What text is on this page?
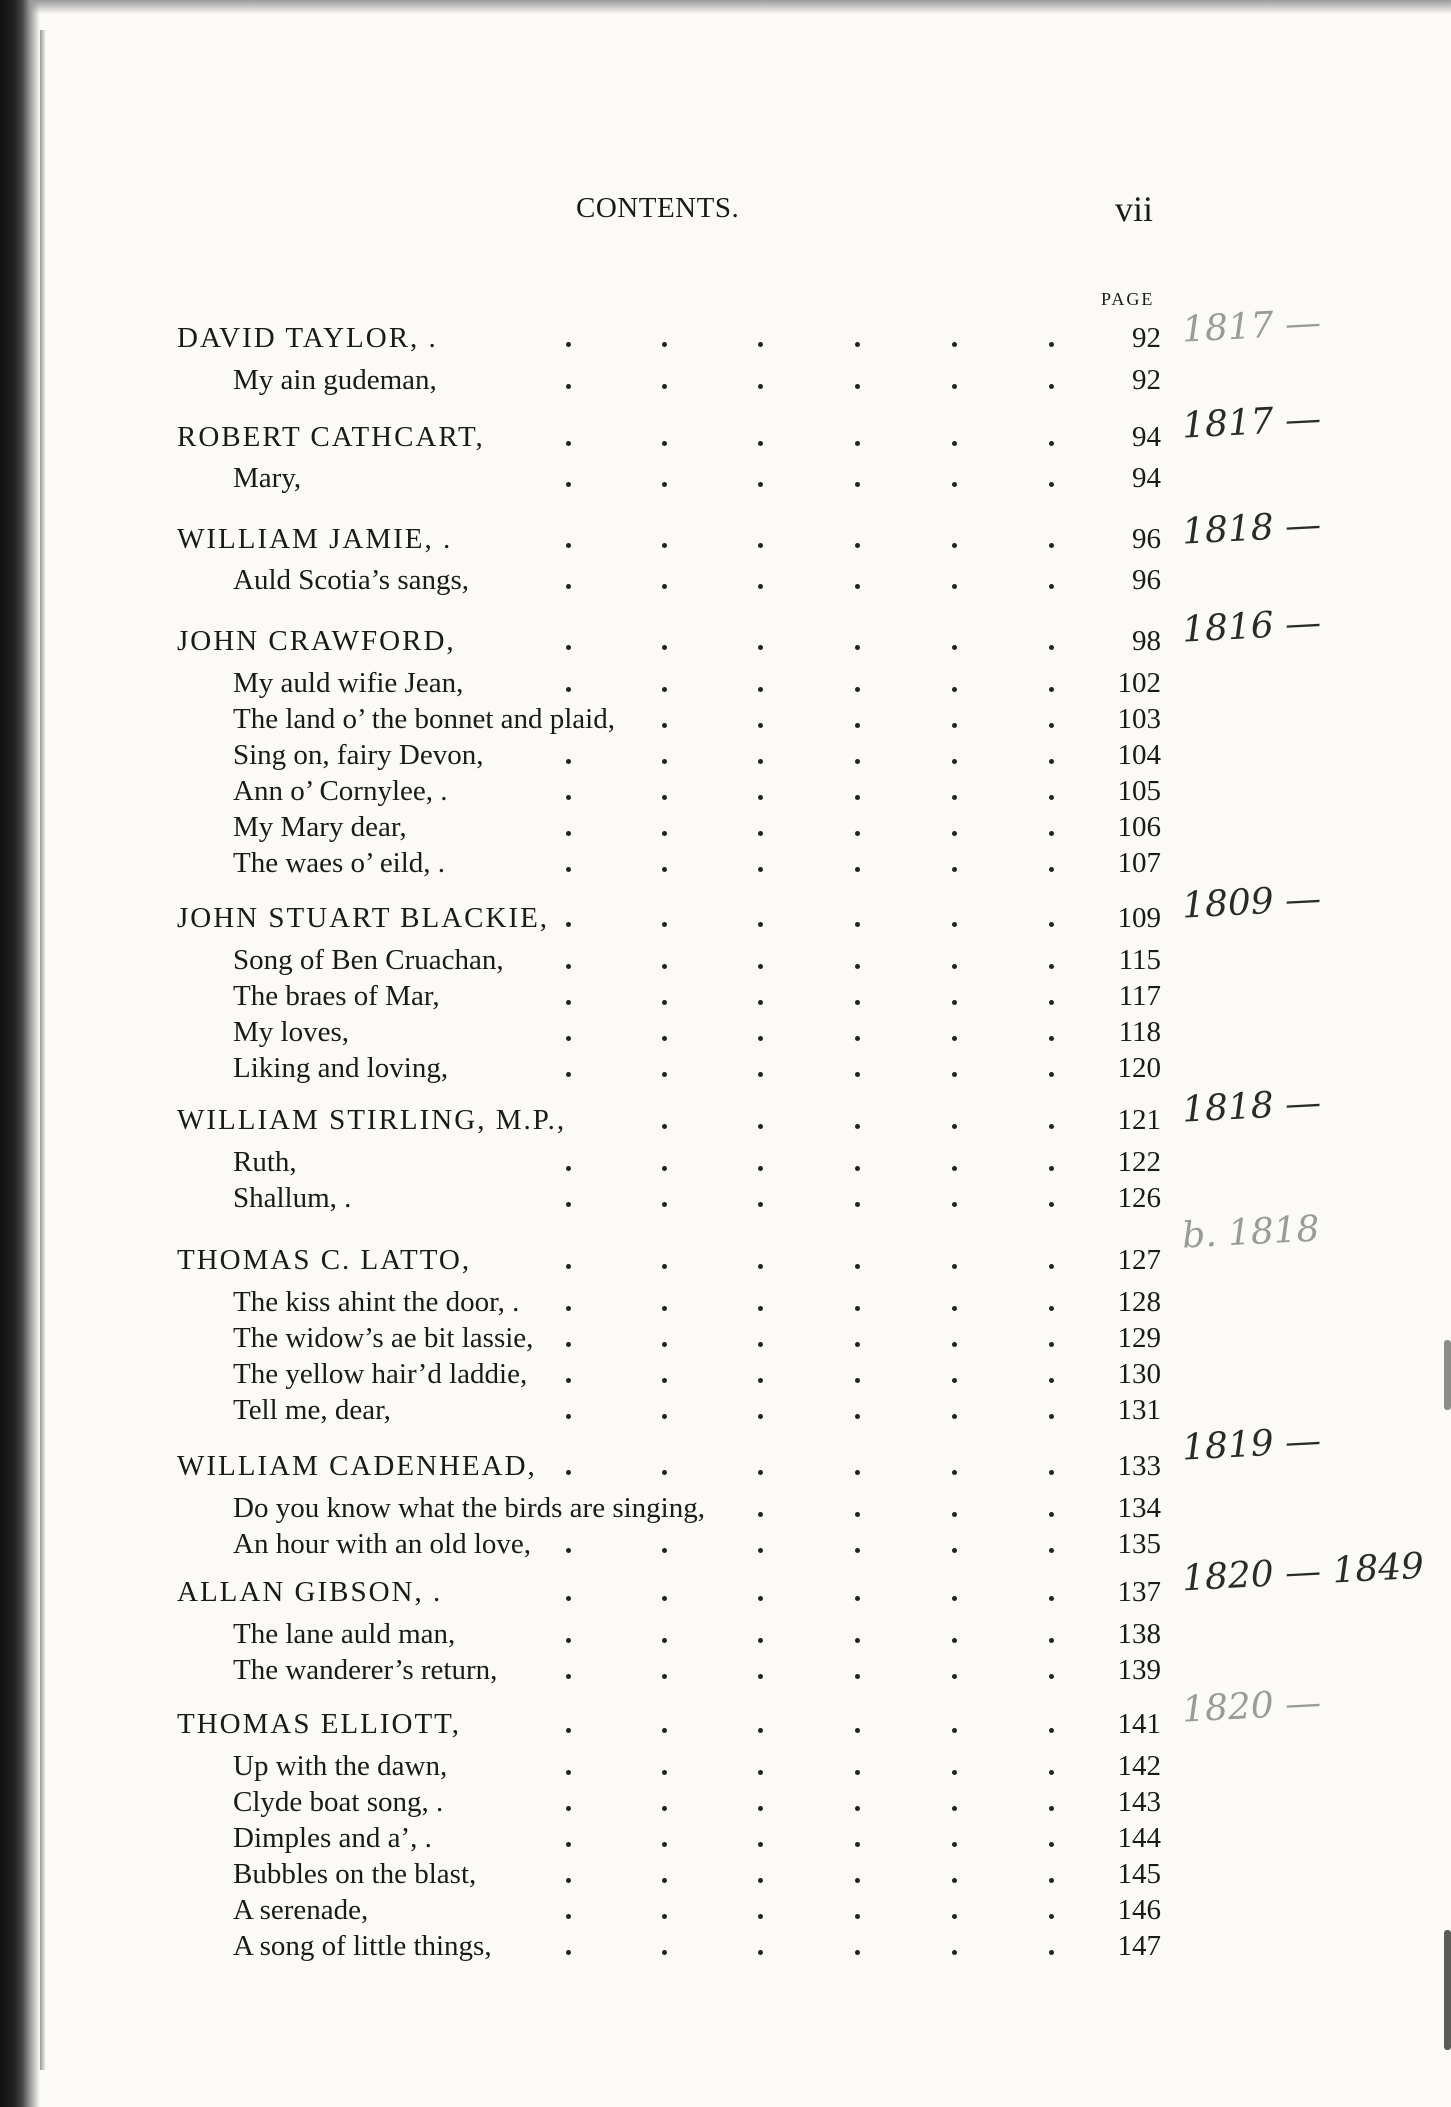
CONTENTS.	vii
PAGE
DAVID TAYLOR, .	92
My ain gudeman,	92
1817 —
ROBERT CATHCART,	94
Mary,	94
1817 —
WILLIAM JAMIE, .	96
Auld Scotia’s sangs,	96
1818 —
JOHN CRAWFORD,	98
My auld wifie Jean,	102
The land o’ the bonnet and plaid,	103
Sing on, fairy Devon,	104
Ann o’ Cornylee, .	105
My Mary dear,	106
The waes o’ eild, .	107
1816 —
JOHN STUART BLACKIE,	109
Song of Ben Cruachan,	115
The braes of Mar,	117
My loves,	118
Liking and loving,	120
1809 —
WILLIAM STIRLING, M.P.,	121
Ruth,	122
Shallum, .	126
1818 —
THOMAS C. LATTO,	127
The kiss ahint the door, .	128
The widow’s ae bit lassie,	129
The yellow hair’d laddie,	130
Tell me, dear,	131
b. 1818
WILLIAM CADENHEAD,	133
Do you know what the birds are singing,	134
An hour with an old love,	135
1819 —
ALLAN GIBSON, .	137
The lane auld man,	138
The wanderer’s return,	139
1820 — 1849
THOMAS ELLIOTT,	141
Up with the dawn,	142
Clyde boat song, .	143
Dimples and a’, .	144
Bubbles on the blast,	145
A serenade,	146
A song of little things,	147
1820 —
